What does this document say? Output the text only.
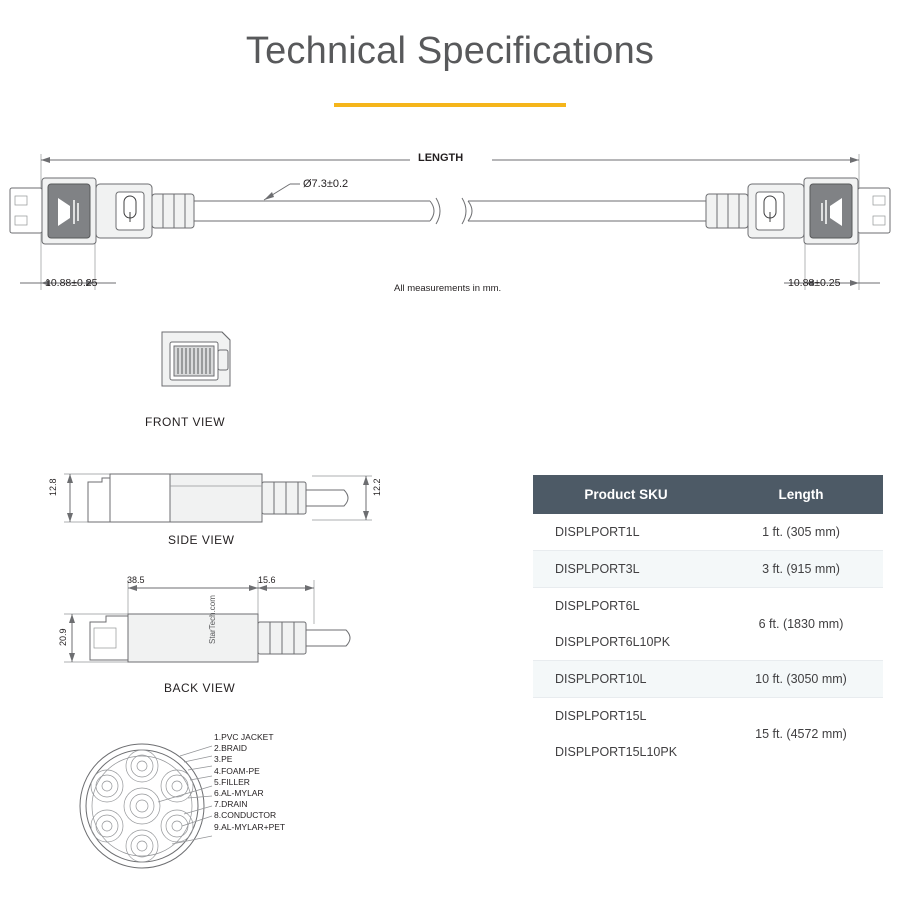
Technical Specifications
LENGTH
Ø7.3±0.2
10.88±0.25	10.88±0.25
All measurements in mm.
FRONT VIEW
12.8	12.2
SIDE VIEW
38.5	15.6
20.9	StarTech.com
BACK VIEW
1.PVC JACKET
2.BRAID
3.PE
4.FOAM-PE
5.FILLER
6.AL-MYLAR
7.DRAIN
8.CONDUCTOR
9.AL-MYLAR+PET
Product SKU	Length
DISPLPORT1L	1 ft. (305 mm)
DISPLPORT3L	3 ft. (915 mm)
DISPLPORT6L	6 ft. (1830 mm)
DISPLPORT6L10PK	
DISPLPORT10L	10 ft. (3050 mm)
DISPLPORT15L	15 ft. (4572 mm)
DISPLPORT15L10PK	
